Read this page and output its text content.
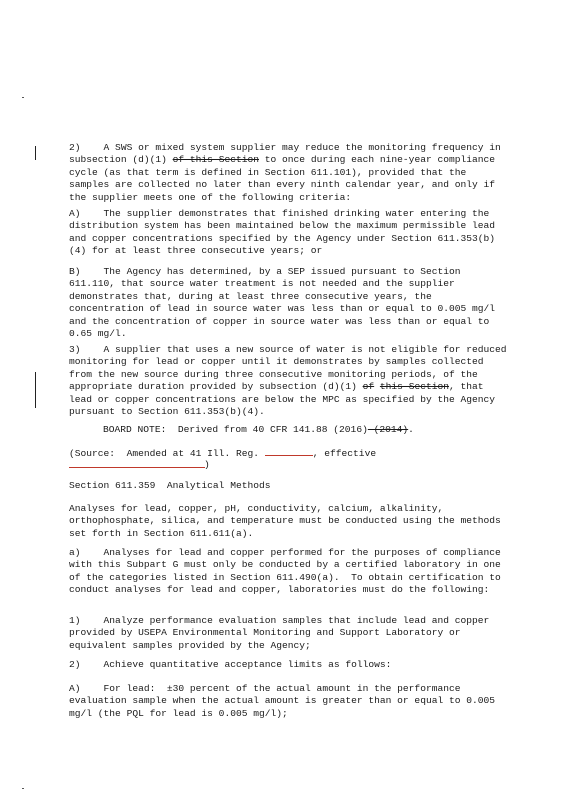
2)    A SWS or mixed system supplier may reduce the monitoring frequency in subsection (d)(1) of this Section to once during each nine-year compliance cycle (as that term is defined in Section 611.101), provided that the samples are collected no later than every ninth calendar year, and only if the supplier meets one of the following criteria:

A)    The supplier demonstrates that finished drinking water entering the distribution system has been maintained below the maximum permissible lead and copper concentrations specified by the Agency under Section 611.353(b)(4) for at least three consecutive years; or

B)    The Agency has determined, by a SEP issued pursuant to Section 611.110, that source water treatment is not needed and the supplier demonstrates that, during at least three consecutive years, the concentration of lead in source water was less than or equal to 0.005 mg/l and the concentration of copper in source water was less than or equal to 0.65 mg/l.

3)    A supplier that uses a new source of water is not eligible for reduced monitoring for lead or copper until it demonstrates by samples collected from the new source during three consecutive monitoring periods, of the appropriate duration provided by subsection (d)(1) of this Section, that lead or copper concentrations are below the MPC as specified by the Agency pursuant to Section 611.353(b)(4).

BOARD NOTE:  Derived from 40 CFR 141.88 (2016) (2014).

(Source:  Amended at 41 Ill. Reg.	, effective

)

Section 611.359  Analytical Methods

Analyses for lead, copper, pH, conductivity, calcium, alkalinity, orthophosphate, silica, and temperature must be conducted using the methods set forth in Section 611.611(a).

a)    Analyses for lead and copper performed for the purposes of compliance with this Subpart G must only be conducted by a certified laboratory in one of the categories listed in Section 611.490(a).  To obtain certification to conduct analyses for lead and copper, laboratories must do the following:

1)    Analyze performance evaluation samples that include lead and copper provided by USEPA Environmental Monitoring and Support Laboratory or equivalent samples provided by the Agency;

2)    Achieve quantitative acceptance limits as follows:

A)    For lead:  ±30 percent of the actual amount in the performance evaluation sample when the actual amount is greater than or equal to 0.005 mg/l (the PQL for lead is 0.005 mg/l);
